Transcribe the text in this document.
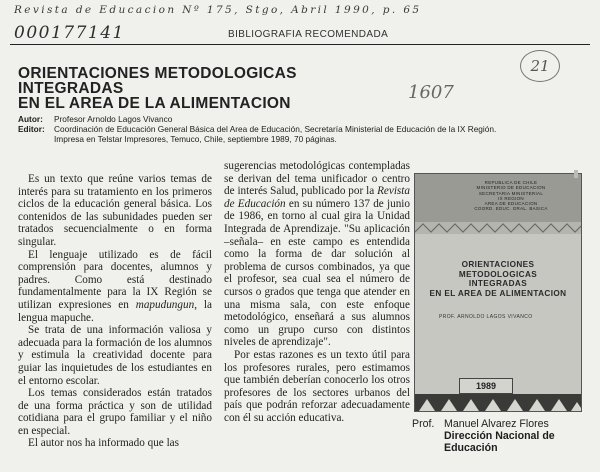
Revista de Educacion Nº 175, Stgo, Abril 1990, p. 65
000177141	BIBLIOGRAFIA RECOMENDADA
21
1607
ORIENTACIONES METODOLOGICAS INTEGRADAS
EN EL AREA DE LA ALIMENTACION
Autor:	Profesor Arnoldo Lagos Vivanco
Editor:	Coordinación de Educación General Básica del Area de Educación, Secretaría Ministerial de Educación de la IX Región.
Impresa en Telstar Impresores, Temuco, Chile, septiembre 1989, 70 páginas.

Es un texto que reúne varios temas de interés para su tratamiento en los primeros ciclos de la educación general básica. Los contenidos de las subunidades pueden ser tratados secuencialmente o en forma singular.

El lenguaje utilizado es de fácil comprensión para docentes, alumnos y padres. Como está destinado fundamentalmente para la IX Región se utilizan expresiones en mapudungun, la lengua mapuche.

Se trata de una información valiosa y adecuada para la formación de los alumnos y estimula la creatividad docente para guiar las inquietudes de los estudiantes en el entorno escolar.

Los temas considerados están tratados de una forma práctica y son de utilidad cotidiana para el grupo familiar y el niño en especial.

El autor nos ha informado que las

sugerencias metodológicas contempladas se derivan del tema unificador o centro de interés Salud, publicado por la Revista de Educación en su número 137 de junio de 1986, en torno al cual gira la Unidad Integrada de Aprendizaje. "Su aplicación –señala– en este campo es entendida como la forma de dar solución al problema de cursos combinados, ya que el profesor, sea cual sea el número de cursos o grados que tenga que atender en una misma sala, con este enfoque metodológico, enseñará a sus alumnos como un grupo curso con distintos niveles de aprendizaje".

Por estas razones es un texto útil para los profesores rurales, pero estimamos que también deberían conocerlo los otros profesores de los sectores urbanos del país que podrán reforzar adecuadamente con él su acción educativa.

REPUBLICA DE CHILE
MINISTERIO DE EDUCACION
SECRETARIA MINISTERIAL
IX REGION
AREA DE EDUCACION
COORD. EDUC. GRAL. BASICA
ORIENTACIONES
METODOLOGICAS
INTEGRADAS
EN EL AREA DE ALIMENTACION
PROF. ARNOLDO LAGOS VIVANCO
1989
Prof. Manuel Alvarez Flores
Dirección Nacional de Educación
